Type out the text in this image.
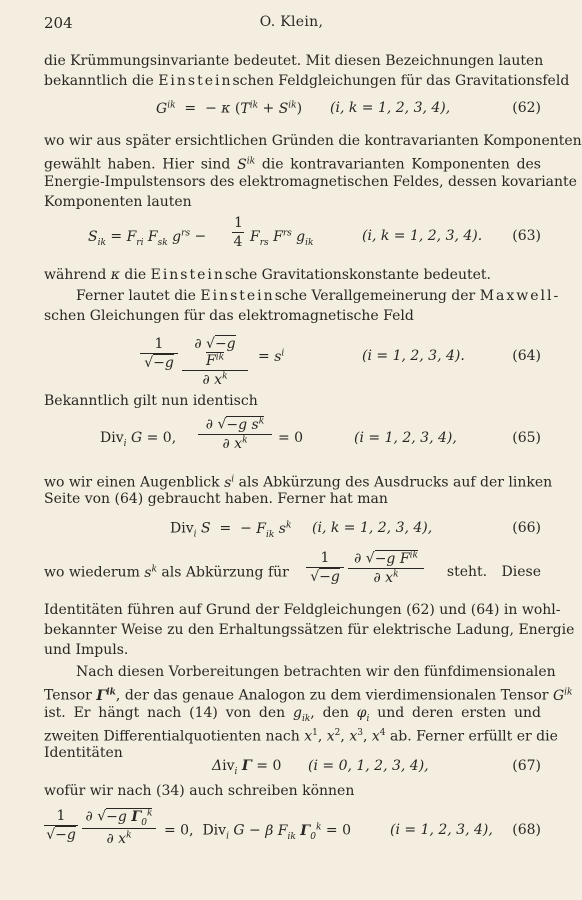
204	O. Klein,
die Krümmungsinvariante bedeutet. Mit diesen Bezeichnungen lauten
bekanntlich die Einsteinschen Feldgleichungen für das Gravitationsfeld
$G^{ik}$  =  − κ $(T^{ik} + S^{ik})$ (i, k = 1, 2, 3, 4),	(62)
wo wir aus später ersichtlichen Gründen die kontravarianten Komponenten
gewählt haben. Hier sind $S^{ik}$ die kontravarianten Komponenten des
Energie-Impulstensors des elektromagnetischen Feldes, dessen kovariante
Komponenten lauten
$S_{ik} = F_{ri}$ $F_{sk}$ $g^{rs} - \frac{1}{4} F_{rs}$ $F^{rs}$ $g_{ik}$	(i, k = 1, 2, 3, 4). (63)
während κ die Einsteinsche Gravitationskonstante bedeutet.
Ferner lautet die Einsteinsche Verallgemeinerung der Maxwell-
schen Gleichungen für das elektromagnetische Feld
$\frac{1}{√-g}$	∂ √−g $F^{ik}$
∂ $x^k$
= $s^i$	(i = 1, 2, 3, 4).	(64)
Bekanntlich gilt nun identisch
Div$_i$ G = 0, $\frac{\partial √-g s^k}{\partial x^k} = 0$	(i = 1, 2, 3, 4),	(65)
wo wir einen Augenblick $s^i$ als Abkürzung des Ausdrucks auf der linken
Seite von (64) gebraucht haben. Ferner hat man
Div$_i$ S  =  − $F_{ik}$ $s^k$ (i, k = 1, 2, 3, 4),	(66)
wo wiederum $s^k$ als Abkürzung für $\frac{1}{√-g}$ ∂ √−g $F^{ik}$
∂ $x^k$	steht. Diese
Identitäten führen auf Grund der Feldgleichungen (62) und (64) in wohl-
bekannter Weise zu den Erhaltungssätzen für elektrische Ladung, Energie
und Impuls.
Nach diesen Vorbereitungen betrachten wir den fünfdimensionalen
Tensor $\Gamma^{ik}$, der das genaue Analogon zu dem vierdimensionalen Tensor $G^{ik}$
ist. Er hängt nach (14) von den $g_{ik}$, den $\varphi_i$ und deren ersten und
zweiten Differentialquotienten nach $x^1$, $x^2$, $x^3$, $x^4$ ab. Ferner erfüllt er die
Identitäten
Δiv$_i$ Γ = 0 (i = 0, 1, 2, 3, 4),	(67)
wofür wir nach (34) auch schreiben können
$\frac{1}{√-g} \frac{\partial √-g \Gamma_0^k}{\partial x^k} = 0$,  Div$_i$ G − β $F_{ik}$ $\Gamma_0^k = 0$	(i = 1, 2, 3, 4), (68)
